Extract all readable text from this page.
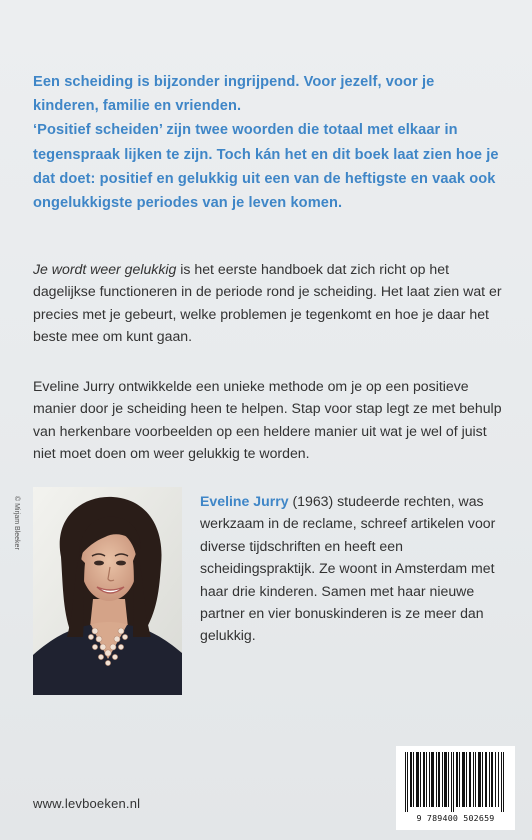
Een scheiding is bijzonder ingrijpend. Voor jezelf, voor je kinderen, familie en vrienden.

‘Positief scheiden’ zijn twee woorden die totaal met elkaar in tegenspraak lijken te zijn. Toch kán het en dit boek laat zien hoe je dat doet: positief en gelukkig uit een van de heftigste en vaak ook ongelukkigste periodes van je leven komen.

Je wordt weer gelukkig is het eerste handboek dat zich richt op het dagelijkse functioneren in de periode rond je scheiding. Het laat zien wat er precies met je gebeurt, welke problemen je tegenkomt en hoe je daar het beste mee om kunt gaan.

Eveline Jurry ontwikkelde een unieke methode om je op een positieve manier door je scheiding heen te helpen. Stap voor stap legt ze met behulp van herkenbare voorbeelden op een heldere manier uit wat je wel of juist niet moet doen om weer gelukkig te worden.

© Mirjam Bleeker	Eveline Jurry (1963) studeerde rechten, was werkzaam in de reclame, schreef artikelen voor diverse tijdschriften en heeft een scheidingspraktijk. Ze woont in Amsterdam met haar drie kinderen. Samen met haar nieuwe partner en vier bonuskinderen is ze meer dan gelukkig.

www.levboeken.nl
9 789400 502659
